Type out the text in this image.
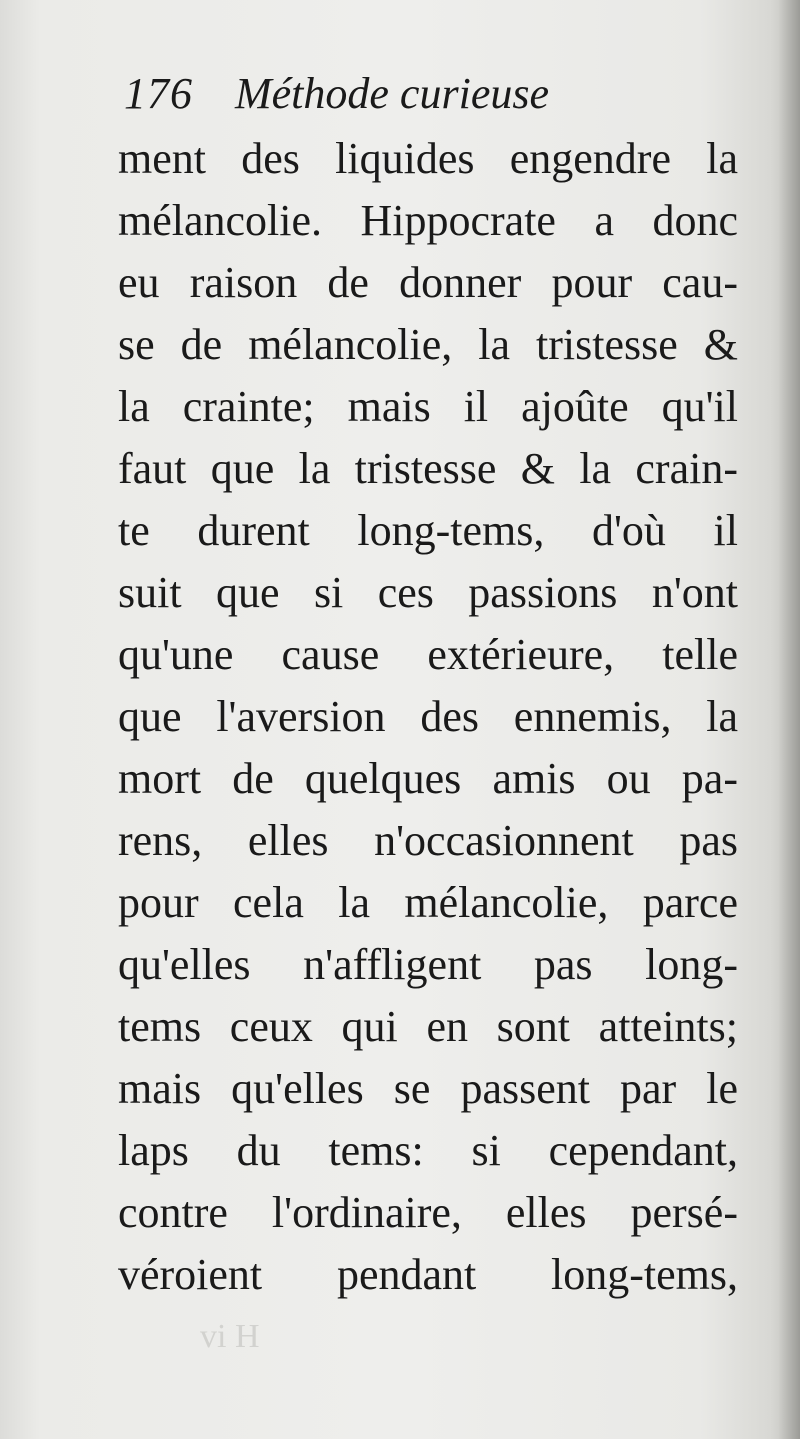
176 Méthode curieuse
ment des liquides engendre la
mélancolie. Hippocrate a donc
eu raison de donner pour cau-
se de mélancolie, la tristesse &
la crainte; mais il ajoûte qu'il
faut que la tristesse & la crain-
te durent long-tems, d'où il
suit que si ces passions n'ont
qu'une cause extérieure, telle
que l'aversion des ennemis, la
mort de quelques amis ou pa-
rens, elles n'occasionnent pas
pour cela la mélancolie, parce
qu'elles n'affligent pas long-
tems ceux qui en sont atteints;
mais qu'elles se passent par le
laps du tems: si cependant,
contre l'ordinaire, elles persé-
véroient pendant long-tems,
vi H
